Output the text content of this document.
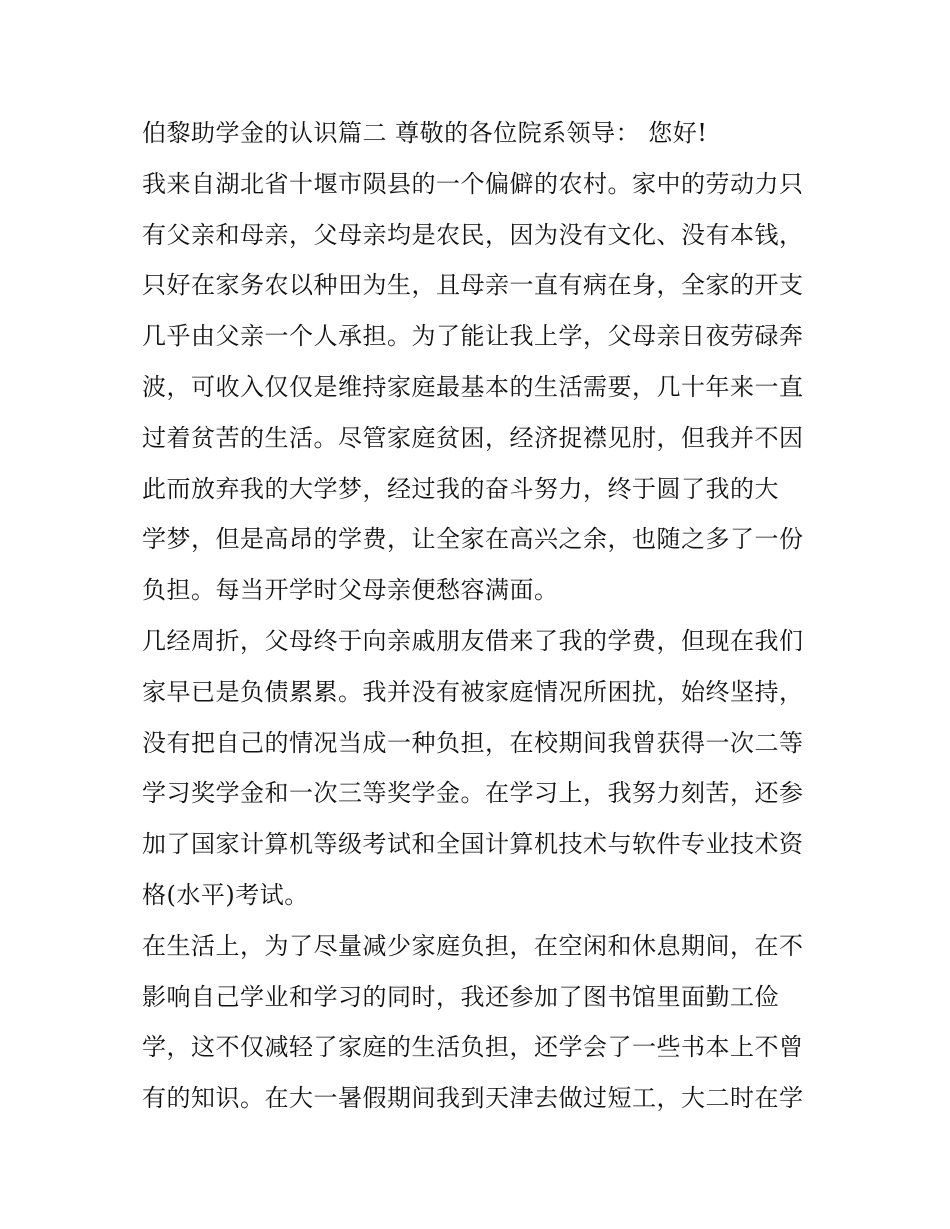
伯黎助学金的认识篇二 尊敬的各位院系领导： 您好!
我来自湖北省十堰市陨县的一个偏僻的农村。家中的劳动力只
有父亲和母亲，父母亲均是农民，因为没有文化、没有本钱，
只好在家务农以种田为生，且母亲一直有病在身，全家的开支
几乎由父亲一个人承担。为了能让我上学，父母亲日夜劳碌奔
波，可收入仅仅是维持家庭最基本的生活需要，几十年来一直
过着贫苦的生活。尽管家庭贫困，经济捉襟见肘，但我并不因
此而放弃我的大学梦，经过我的奋斗努力，终于圆了我的大
学梦，但是高昂的学费，让全家在高兴之余，也随之多了一份
负担。每当开学时父母亲便愁容满面。
几经周折，父母终于向亲戚朋友借来了我的学费，但现在我们
家早已是负债累累。我并没有被家庭情况所困扰，始终坚持，
没有把自己的情况当成一种负担，在校期间我曾获得一次二等
学习奖学金和一次三等奖学金。在学习上，我努力刻苦，还参
加了国家计算机等级考试和全国计算机技术与软件专业技术资
格(水平)考试。
在生活上，为了尽量减少家庭负担，在空闲和休息期间，在不
影响自己学业和学习的同时，我还参加了图书馆里面勤工俭
学，这不仅减轻了家庭的生活负担，还学会了一些书本上不曾
有的知识。在大一暑假期间我到天津去做过短工，大二时在学
